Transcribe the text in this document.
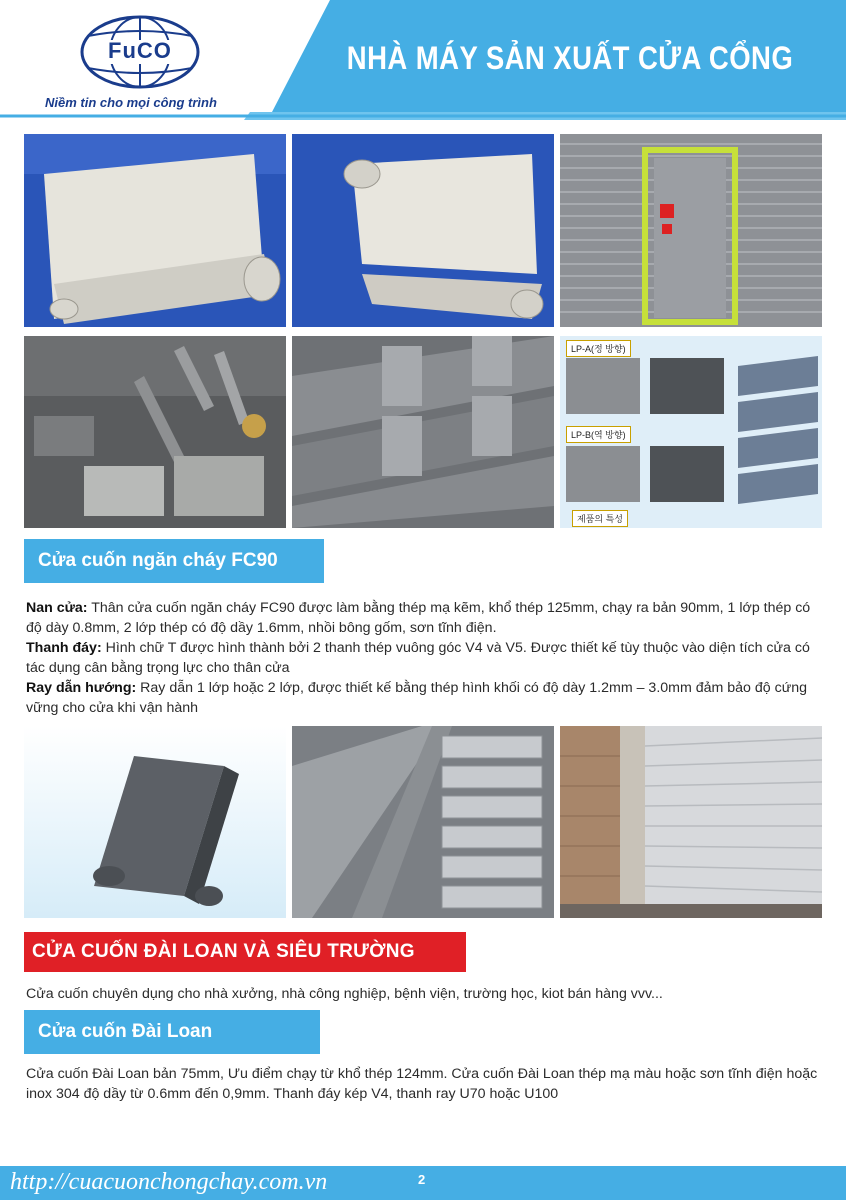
FuCO
Niềm tin cho mọi công trình
NHÀ MÁY SẢN XUẤT CỬA CỔNG
LP-A(정 방향)
LP-B(역 방향)
제품의 특성
Cửa cuốn ngăn cháy FC90
Nan cửa: Thân cửa cuốn ngăn cháy FC90 được làm bằng thép mạ kẽm, khổ thép 125mm, chạy ra bản 90mm, 1 lớp thép có độ dày 0.8mm, 2 lớp thép có độ dầy 1.6mm, nhồi bông gốm, sơn tĩnh điện.
Thanh đáy: Hình chữ T được hình thành bởi 2 thanh thép vuông góc V4 và V5. Được thiết kế tùy thuộc vào diện tích cửa có tác dụng cân bằng trọng lực cho thân cửa
Ray dẫn hướng: Ray dẫn 1 lớp hoặc 2 lớp, được thiết kế bằng thép hình khối có độ dày 1.2mm – 3.0mm đảm bảo độ cứng vững cho cửa khi vận hành
CỬA CUỐN ĐÀI LOAN VÀ SIÊU TRƯỜNG
Cửa cuốn chuyên dụng cho nhà xưởng, nhà công nghiệp, bệnh viện, trường học, kiot bán hàng vvv...
Cửa cuốn Đài Loan
Cửa cuốn Đài Loan bản 75mm, Ưu điểm chạy từ khổ thép 124mm. Cửa cuốn Đài Loan thép mạ màu hoặc sơn tĩnh điện hoặc inox 304 độ dầy từ 0.6mm đến 0,9mm. Thanh đáy kép V4, thanh ray U70 hoặc U100
http://cuacuonchongchay.com.vn	2
